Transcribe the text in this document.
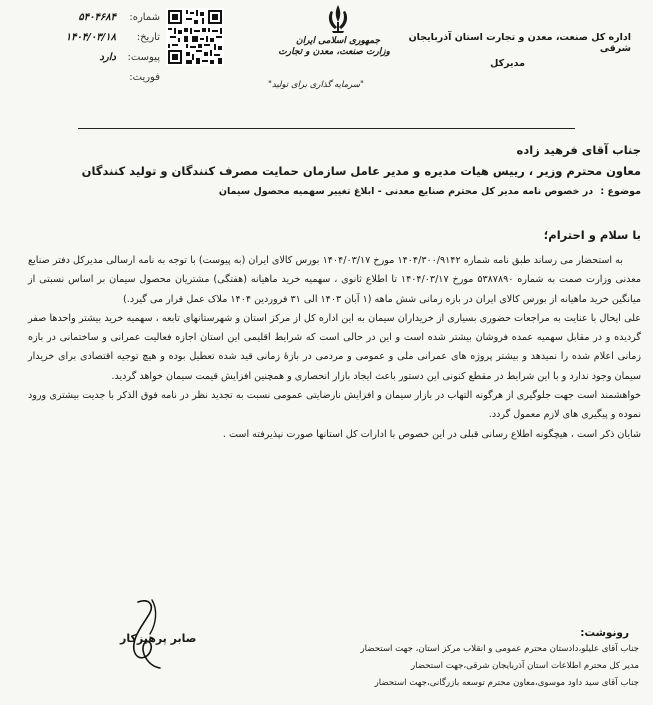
اداره کل صنعت، معدن و تجارت استان آذربایجان شرقی
مدیرکل
جمهوری اسلامی ایران
وزارت صنعت، معدن و تجارت
"سرمایه گذاری برای تولید"
شماره:
۵۴۰۴۶۸۴
تاریخ:
۱۴۰۴/۰۳/۱۸
پیوست:
دارد
فوریت:
جناب آقای فرهید زاده
معاون محترم وزیر ، رییس هیات مدیره و مدیر عامل سازمان حمایت مصرف کنندگان و تولید کنندگان
موضوع : در خصوص نامه مدیر کل محترم صنایع معدنی - ابلاغ تغییر سهمیه محصول سیمان
با سلام و احترام؛

به استحضار می رساند طبق نامه شماره ۱۴۰۴/۳۰۰/۹۱۴۲ مورخ ۱۴۰۴/۰۳/۱۷ بورس کالای ایران (به پیوست) با توجه به نامه ارسالی مدیرکل دفتر صنایع معدنی وزارت صمت به شماره ۵۳۸۷۸۹۰ مورخ ۱۴۰۴/۰۳/۱۷ تا اطلاع ثانوی ، سهمیه خرید ماهیانه (هفتگی) مشتریان محصول سیمان بر اساس نسبتی از میانگین خرید ماهیانه از بورس کالای ایران در بازه زمانی شش ماهه (۱ آبان ۱۴۰۳ الی ۳۱ فروردین ۱۴۰۴ ملاک عمل قرار می گیرد.)

علی ایحال با عنایت به مراجعات حضوری بسیاری از خریداران سیمان به این اداره کل از مرکز استان و شهرستانهای تابعه ، سهمیه خرید بیشتر واحدها صفر گردیده و در مقابل سهمیه عمده فروشان بیشتر شده است و این در حالی است که شرایط اقلیمی این استان اجازه فعالیت عمرانی و ساختمانی در بازه زمانی اعلام شده را نمیدهد و بیشتر پروژه های عمرانی ملی و عمومی و مردمی در بازهٔ زمانی قید شده تعطیل بوده و هیچ توجیه اقتصادی برای خریدار سیمان وجود ندارد و با این شرایط در مقطع کنونی این دستور باعث ایجاد بازار انحصاری و همچنین افزایش قیمت سیمان خواهد گردید.

خواهشمند است جهت جلوگیری از هرگونه التهاب در بازار سیمان و افزایش نارضایتی عمومی نسبت به تجدید نظر در نامه فوق الذکر با جدیت بیشتری ورود نموده و پیگیری های لازم معمول گردد.

شایان ذکر است ، هیچگونه اطلاع رسانی قبلی در این خصوص با ادارات کل استانها صورت نپذیرفته است .

صابر پرهیزکار	رونوشت:
جناب آقای علیلو،دادستان محترم عمومی و انقلاب مرکز استان، جهت استحضار
مدیر کل محترم اطلاعات استان آذربایجان شرقی،جهت استحضار
جناب آقای سید داود موسوی،معاون محترم توسعه بازرگانی،جهت استحضار
